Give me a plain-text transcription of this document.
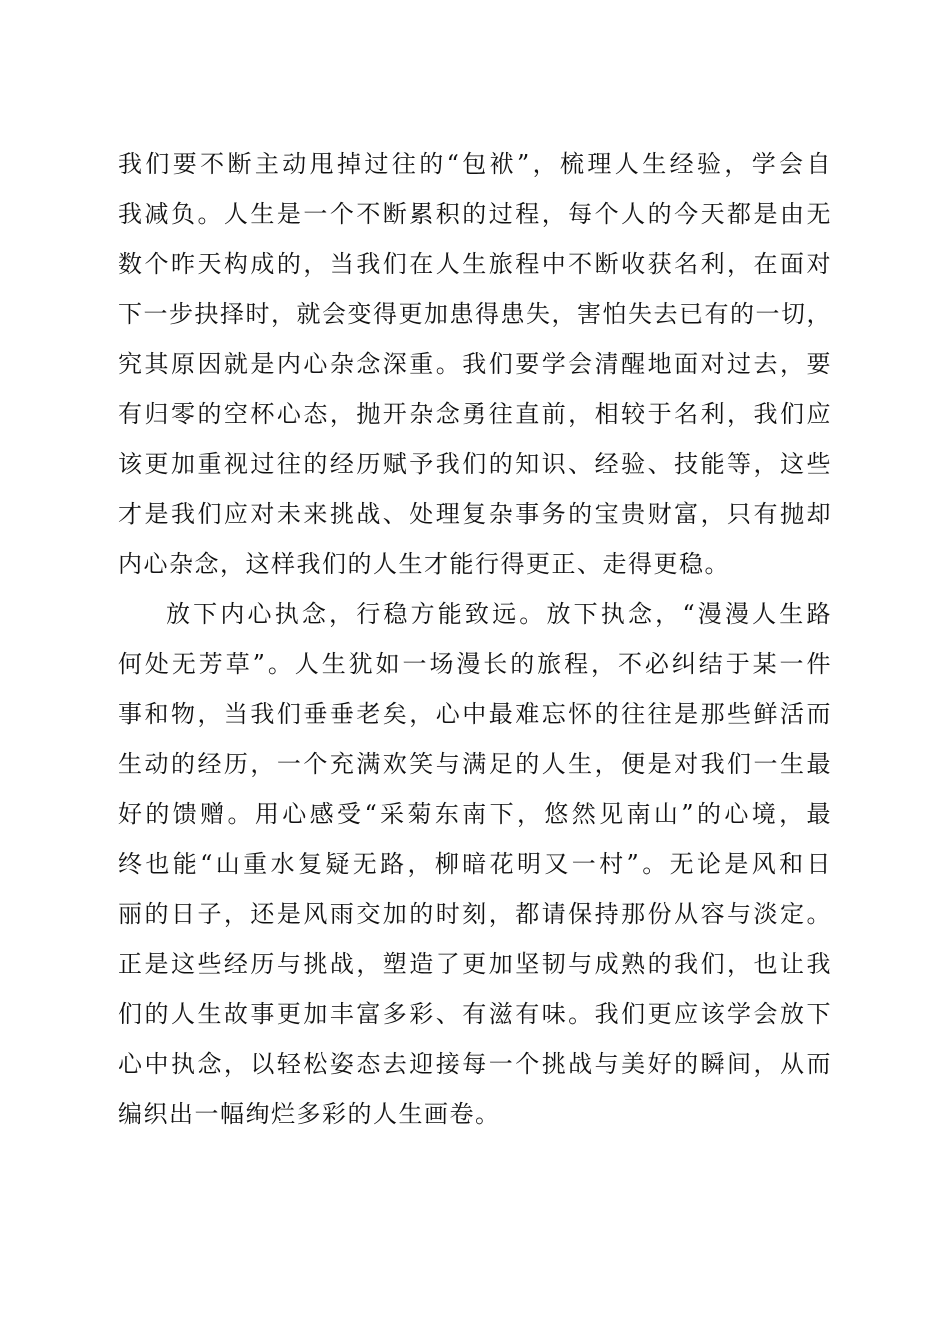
我们要不断主动甩掉过往的“包袱”，梳理人生经验，学会自
我减负。人生是一个不断累积的过程，每个人的今天都是由无
数个昨天构成的，当我们在人生旅程中不断收获名利，在面对
下一步抉择时，就会变得更加患得患失，害怕失去已有的一切，
究其原因就是内心杂念深重。我们要学会清醒地面对过去，要
有归零的空杯心态，抛开杂念勇往直前，相较于名利，我们应
该更加重视过往的经历赋予我们的知识、经验、技能等，这些
才是我们应对未来挑战、处理复杂事务的宝贵财富，只有抛却
内心杂念，这样我们的人生才能行得更正、走得更稳。
放下内心执念，行稳方能致远。放下执念，“漫漫人生路
何处无芳草”。人生犹如一场漫长的旅程，不必纠结于某一件
事和物，当我们垂垂老矣，心中最难忘怀的往往是那些鲜活而
生动的经历，一个充满欢笑与满足的人生，便是对我们一生最
好的馈赠。用心感受“采菊东南下，悠然见南山”的心境，最
终也能“山重水复疑无路，柳暗花明又一村”。无论是风和日
丽的日子，还是风雨交加的时刻，都请保持那份从容与淡定。
正是这些经历与挑战，塑造了更加坚韧与成熟的我们，也让我
们的人生故事更加丰富多彩、有滋有味。我们更应该学会放下
心中执念，以轻松姿态去迎接每一个挑战与美好的瞬间，从而
编织出一幅绚烂多彩的人生画卷。
